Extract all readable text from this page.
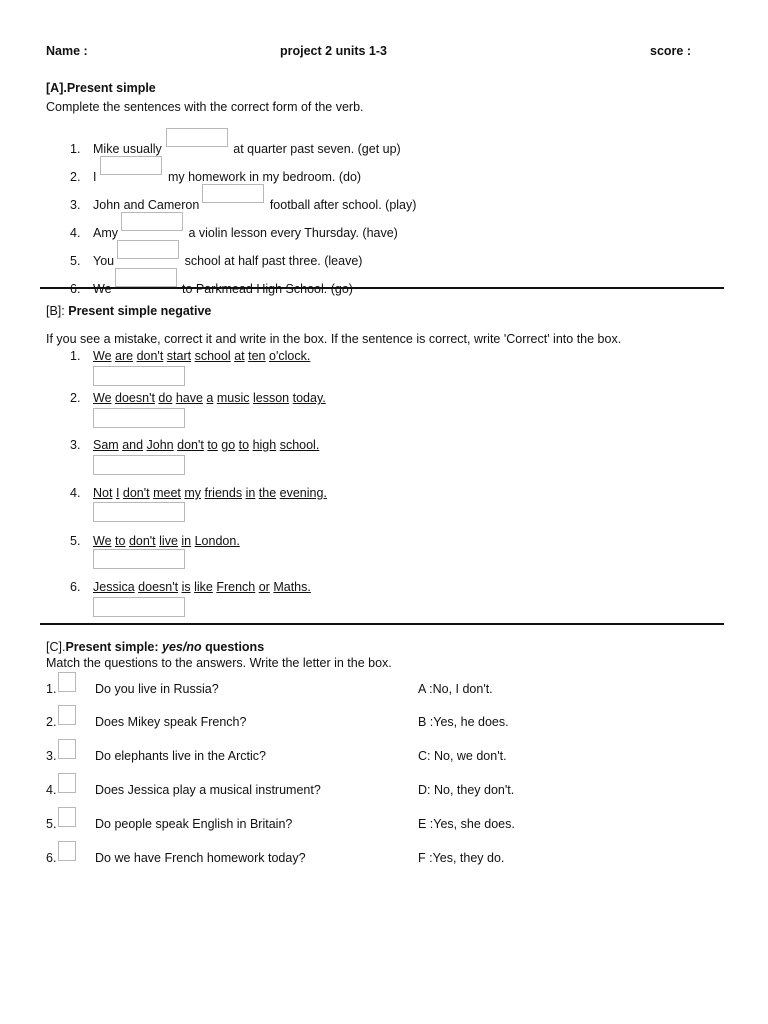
Name :	project 2 units 1-3	score :
[A].Present simple
Complete the sentences with the correct form of the verb.
1. Mike usually	at quarter past seven. (get up)
2. I	my homework in my bedroom. (do)
3. John and Cameron	football after school. (play)
4. Amy	a violin lesson every Thursday. (have)
5. You	school at half past three. (leave)
6. We	to Parkmead High School. (go)
[B]: Present simple negative
If you see a mistake, correct it and write in the box. If the sentence is correct, write 'Correct' into the box.
1. We are don't start school at ten o'clock.
2. We doesn't do have a music lesson today.
3. Sam and John don't to go to high school.
4. Not I don't meet my friends in the evening.
5. We to don't live in London.
6. Jessica doesn't is like French or Maths.
[C].Present simple: yes/no questions
Match the questions to the answers. Write the letter in the box.
1.	Do you live in Russia?	A :No, I don't.
2.	Does Mikey speak French?	B :Yes, he does.
3.	Do elephants live in the Arctic?	C: No, we don't.
4.	Does Jessica play a musical instrument?	D: No, they don't.
5.	Do people speak English in Britain?	E :Yes, she does.
6.	Do we have French homework today?	F :Yes, they do.
